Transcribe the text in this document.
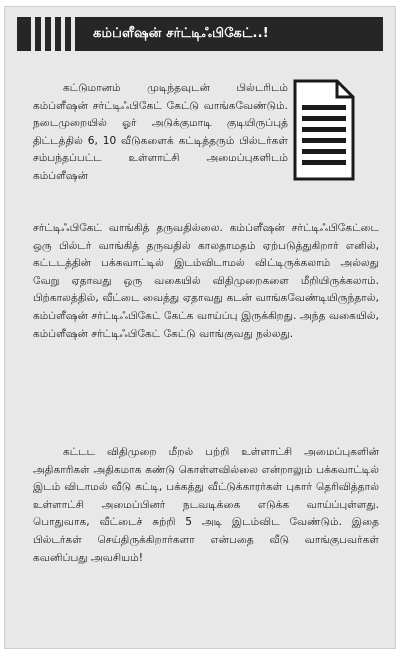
கம்ப்ளீஷன் சர்ட்டிஃபிகேட்..!

கட்டுமானம் முடிந்தவுடன் பில்டரிடம் கம்ப்ளீஷன் சர்ட்டிஃபிகேட் கேட்டு வாங்கவேண்டும். நடைமுறையில் ஓர் அடுக்குமாடி குடியிருப்புத் திட்டத்தில் 6, 10 வீடுகளைக் கட்டித்தரும் பில்டர்கள் சம்பந்தப்பட்ட உள்ளாட்சி அமைப்புகளிடம் கம்ப்ளீஷன்

சர்ட்டிஃபிகேட் வாங்கித் தருவதில்லை. கம்ப்ளீஷன் சர்ட்டிஃபிகேட்டை ஒரு பில்டர் வாங்கித் தருவதில் காலதாமதம் ஏற்படுத்துகிறார் எனில், கட்டடத்தின் பக்கவாட்டில் இடம்விடாமல் விட்டிருக்கலாம் அல்லது வேறு ஏதாவது ஒரு வகையில் விதிமுறைகளை மீறியிருக்கலாம். பிற்காலத்தில், வீட்டை வைத்து ஏதாவது கடன் வாங்கவேண்டியிருந்தால், கம்ப்ளீஷன் சர்ட்டிஃபிகேட் கேட்க வாய்ப்பு இருக்கிறது. அந்த வகையில், கம்ப்ளீஷன் சர்ட்டிஃபிகேட் கேட்டு வாங்குவது நல்லது.

கட்டட விதிமுறை மீறல் பற்றி உள்ளாட்சி அமைப்புகளின் அதிகாரிகள் அதிகமாக கண்டு கொள்ளவில்லை என்றாலும் பக்கவாட்டில் இடம் விடாமல் வீடு கட்டி, பக்கத்து வீட்டுக்காரர்கள் புகார் தெரிவித்தால் உள்ளாட்சி அமைப்பினர் நடவடிக்கை எடுக்க வாய்ப்புள்ளது. பொதுவாக, வீட்டைச் சுற்றி 5 அடி இடம்விட வேண்டும். இதை பில்டர்கள் செய்திருக்கிறார்களா என்பதை வீடு வாங்குபவர்கள் கவனிப்பது அவசியம்!
